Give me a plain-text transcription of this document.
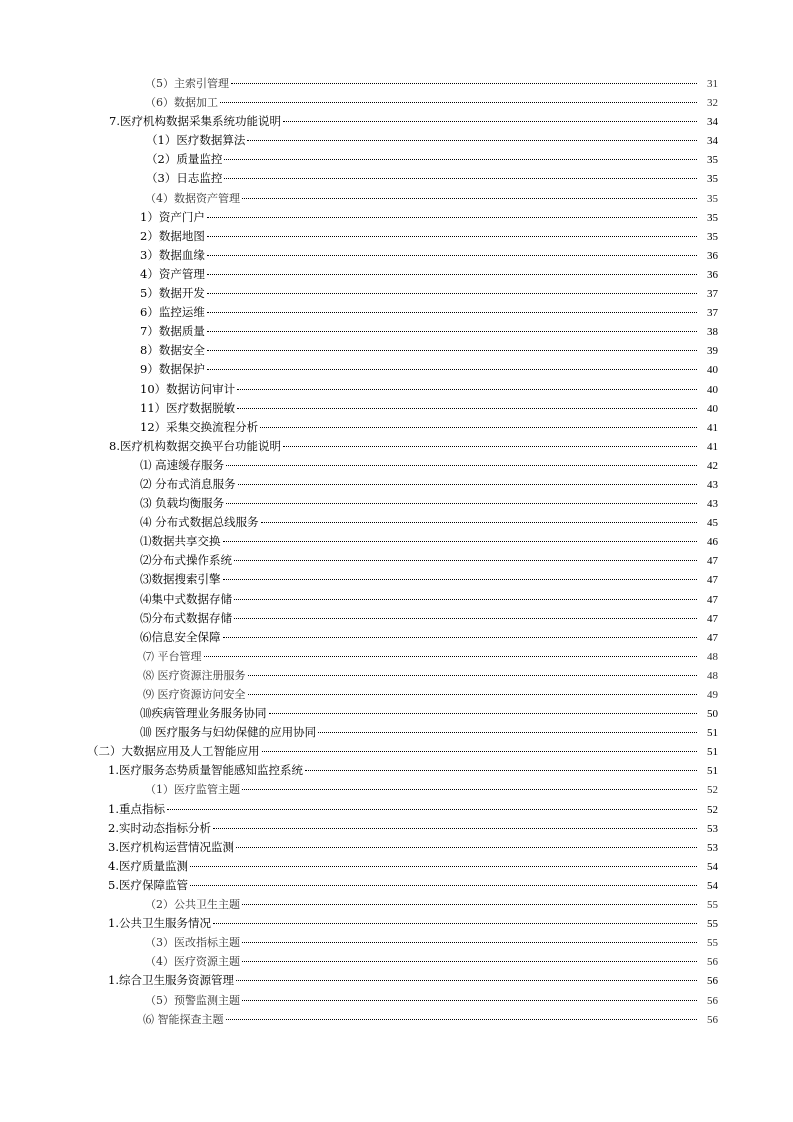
（5）主索引管理	31
（6）数据加工	32
7.医疗机构数据采集系统功能说明	34
（1）医疗数据算法	34
（2）质量监控	35
（3）日志监控	35
（4）数据资产管理	35
1）资产门户	35
2）数据地图	35
3）数据血缘	36
4）资产管理	36
5）数据开发	37
6）监控运维	37
7）数据质量	38
8）数据安全	39
9）数据保护	40
10）数据访问审计	40
11）医疗数据脱敏	40
12）采集交换流程分析	41
8.医疗机构数据交换平台功能说明	41
⑴ 高速缓存服务	42
⑵ 分布式消息服务	43
⑶ 负载均衡服务	43
⑷ 分布式数据总线服务	45
⑴数据共享交换	46
⑵分布式操作系统	47
⑶数据搜索引擎	47
⑷集中式数据存储	47
⑸分布式数据存储	47
⑹信息安全保障	47
⑺ 平台管理	48
⑻ 医疗资源注册服务	48
⑼ 医疗资源访问安全	49
⑽疾病管理业务服务协同	50
⑽ 医疗服务与妇幼保健的应用协同	51
（二）大数据应用及人工智能应用	51
1.医疗服务态势质量智能感知监控系统	51
（1）医疗监管主题	52
1.重点指标	52
2.实时动态指标分析	53
3.医疗机构运营情况监测	53
4.医疗质量监测	54
5.医疗保障监管	54
（2）公共卫生主题	55
1.公共卫生服务情况	55
（3）医改指标主题	55
（4）医疗资源主题	56
1.综合卫生服务资源管理	56
（5）预警监测主题	56
⑹ 智能探查主题	56
